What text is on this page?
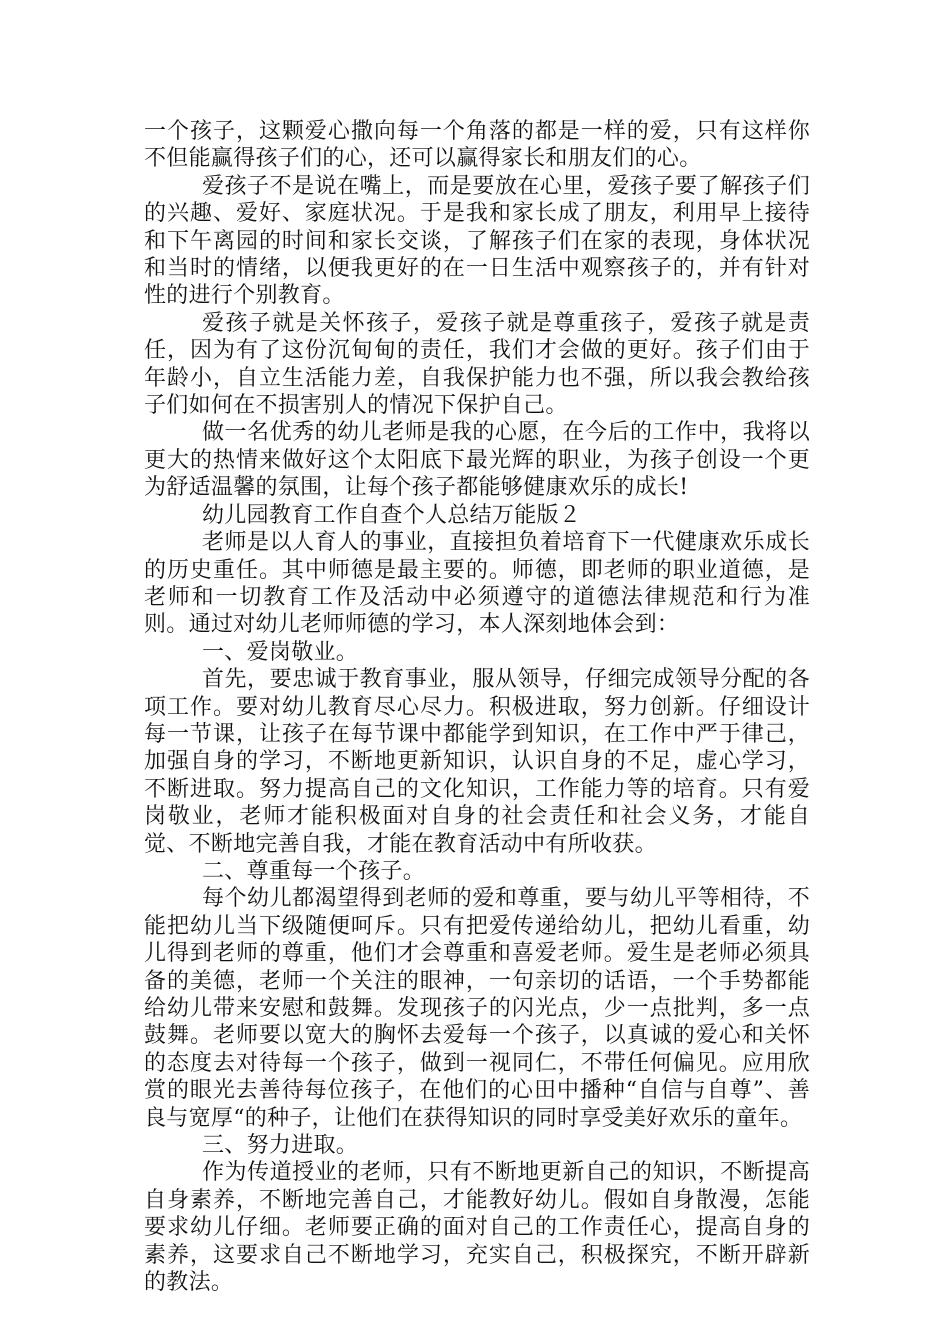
一个孩子，这颗爱心撒向每一个角落的都是一样的爱，只有这样你不但能赢得孩子们的心，还可以赢得家长和朋友们的心。

爱孩子不是说在嘴上，而是要放在心里，爱孩子要了解孩子们的兴趣、爱好、家庭状况。于是我和家长成了朋友，利用早上接待和下午离园的时间和家长交谈，了解孩子们在家的表现，身体状况和当时的情绪，以便我更好的在一日生活中观察孩子的，并有针对性的进行个别教育。

爱孩子就是关怀孩子，爱孩子就是尊重孩子，爱孩子就是责任，因为有了这份沉甸甸的责任，我们才会做的更好。孩子们由于年龄小，自立生活能力差，自我保护能力也不强，所以我会教给孩子们如何在不损害别人的情况下保护自己。

做一名优秀的幼儿老师是我的心愿，在今后的工作中，我将以更大的热情来做好这个太阳底下最光辉的职业，为孩子创设一个更为舒适温馨的氛围，让每个孩子都能够健康欢乐的成长!

幼儿园教育工作自查个人总结万能版２

老师是以人育人的事业，直接担负着培育下一代健康欢乐成长的历史重任。其中师德是最主要的。师德，即老师的职业道德，是老师和一切教育工作及活动中必须遵守的道德法律规范和行为准则。通过对幼儿老师师德的学习，本人深刻地体会到：

一、爱岗敬业。

首先，要忠诚于教育事业，服从领导，仔细完成领导分配的各项工作。要对幼儿教育尽心尽力。积极进取，努力创新。仔细设计每一节课，让孩子在每节课中都能学到知识，在工作中严于律己，加强自身的学习，不断地更新知识，认识自身的不足，虚心学习，不断进取。努力提高自己的文化知识，工作能力等的培育。只有爱岗敬业，老师才能积极面对自身的社会责任和社会义务，才能自觉、不断地完善自我，才能在教育活动中有所收获。

二、尊重每一个孩子。

每个幼儿都渴望得到老师的爱和尊重，要与幼儿平等相待，不能把幼儿当下级随便呵斥。只有把爱传递给幼儿，把幼儿看重，幼儿得到老师的尊重，他们才会尊重和喜爱老师。爱生是老师必须具备的美德，老师一个关注的眼神，一句亲切的话语，一个手势都能给幼儿带来安慰和鼓舞。发现孩子的闪光点，少一点批判，多一点鼓舞。老师要以宽大的胸怀去爱每一个孩子，以真诚的爱心和关怀的态度去对待每一个孩子，做到一视同仁，不带任何偏见。应用欣赏的眼光去善待每位孩子，在他们的心田中播种“自信与自尊”、善良与宽厚“的种子，让他们在获得知识的同时享受美好欢乐的童年。

三、努力进取。

作为传道授业的老师，只有不断地更新自己的知识，不断提高自身素养，不断地完善自己，才能教好幼儿。假如自身散漫，怎能要求幼儿仔细。老师要正确的面对自己的工作责任心，提高自身的素养，这要求自己不断地学习，充实自己，积极探究，不断开辟新的教法。
